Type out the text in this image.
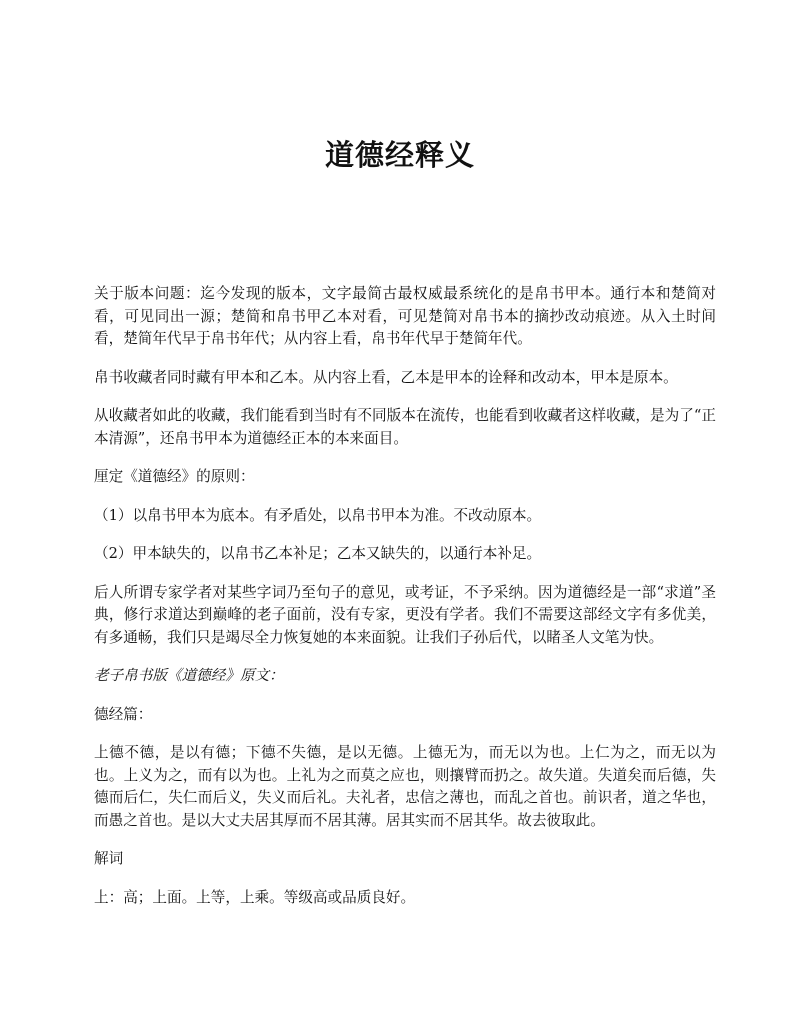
道德经释义

关于版本问题：迄今发现的版本，文字最简古最权威最系统化的是帛书甲本。通行本和楚简对看，可见同出一源；楚简和帛书甲乙本对看，可见楚简对帛书本的摘抄改动痕迹。从入土时间看，楚简年代早于帛书年代；从内容上看，帛书年代早于楚简年代。

帛书收藏者同时藏有甲本和乙本。从内容上看，乙本是甲本的诠释和改动本，甲本是原本。

从收藏者如此的收藏，我们能看到当时有不同版本在流传，也能看到收藏者这样收藏，是为了“正本清源”，还帛书甲本为道德经正本的本来面目。

厘定《道德经》的原则：

（1）以帛书甲本为底本。有矛盾处，以帛书甲本为准。不改动原本。

（2）甲本缺失的，以帛书乙本补足；乙本又缺失的，以通行本补足。

后人所谓专家学者对某些字词乃至句子的意见，或考证，不予采纳。因为道德经是一部“求道”圣典，修行求道达到巅峰的老子面前，没有专家，更没有学者。我们不需要这部经文字有多优美，有多通畅，我们只是竭尽全力恢复她的本来面貌。让我们子孙后代，以睹圣人文笔为快。

老子帛书版《道德经》原文：

德经篇：

上德不德，是以有德；下德不失德，是以无德。上德无为，而无以为也。上仁为之，而无以为也。上义为之，而有以为也。上礼为之而莫之应也，则攘臂而扔之。故失道。失道矣而后德，失德而后仁，失仁而后义，失义而后礼。夫礼者，忠信之薄也，而乱之首也。前识者，道之华也，而愚之首也。是以大丈夫居其厚而不居其薄。居其实而不居其华。故去彼取此。

解词

上：高；上面。上等，上乘。等级高或品质良好。
